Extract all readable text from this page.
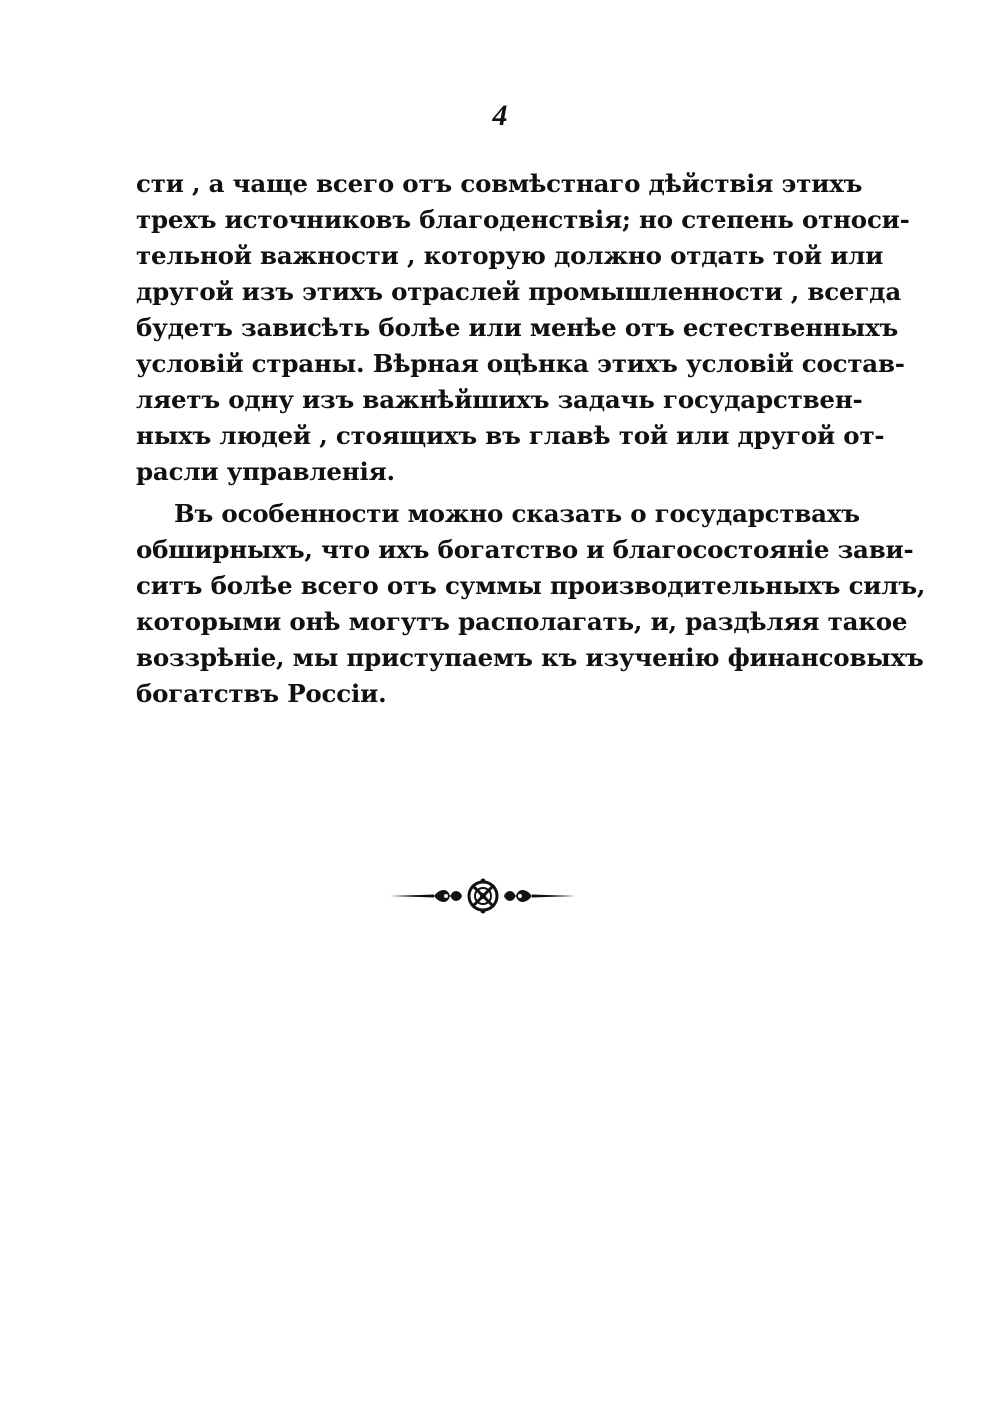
4
сти , а чаще всего отъ совмѣстнаго дѣйствія этихъ
трехъ источниковъ благоденствія; но степень относи-
тельной важности , которую должно отдать той или
другой изъ этихъ отраслей промышленности , всегда
будетъ зависѣть болѣе или менѣе отъ естественныхъ
условій страны. Вѣрная оцѣнка этихъ условій состав-
ляетъ одну изъ важнѣйшихъ задачь государствен-
ныхъ людей , стоящихъ въ главѣ той или другой от-
расли управленія.
Въ особенности можно сказать о государствахъ
обширныхъ, что ихъ богатство и благосостояніе зави-
ситъ болѣе всего отъ суммы производительныхъ силъ,
которыми онѣ могутъ располагать, и, раздѣляя такое
воззрѣніе, мы приступаемъ къ изученію финансовыхъ
богатствъ Россіи.
